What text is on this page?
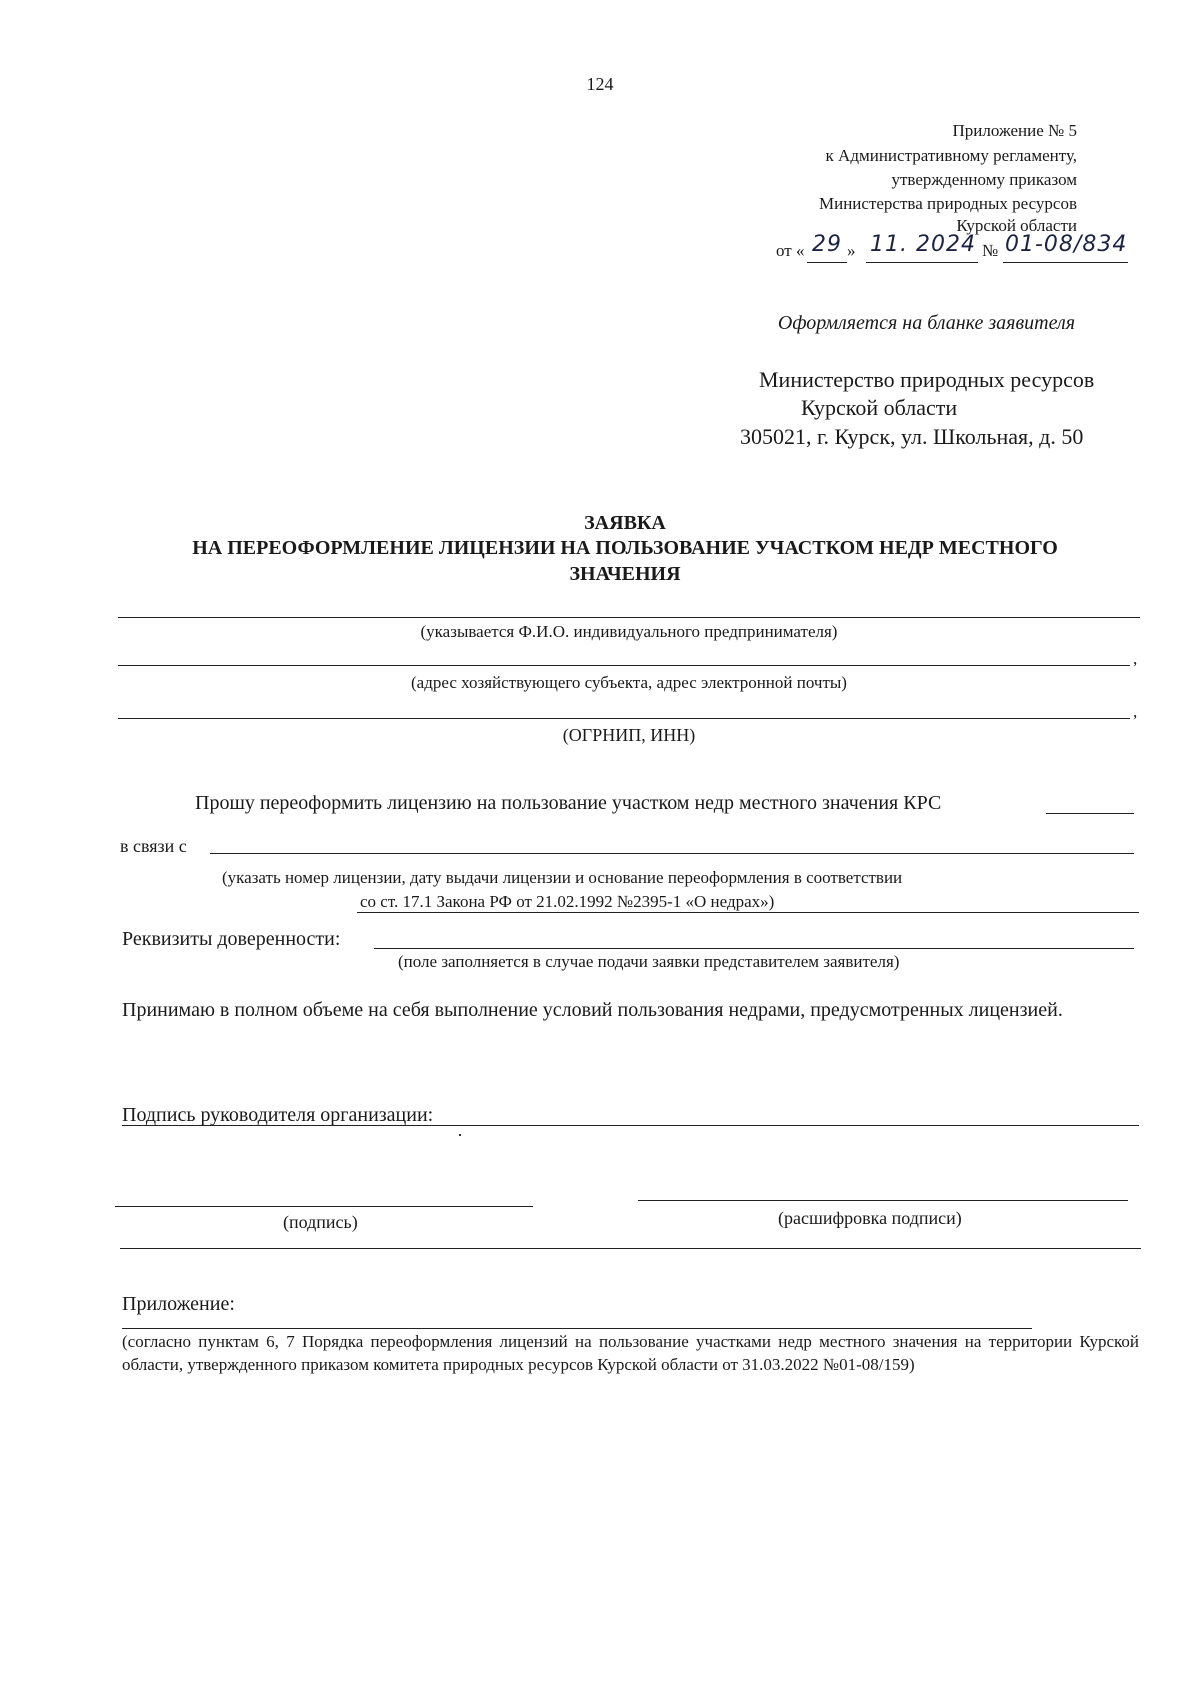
124
Приложение № 5
к Административному регламенту,
утвержденному приказом
Министерства природных ресурсов
Курской области
от « 29 » 11. 2024 № 01-08/834
Оформляется на бланке заявителя
Министерство природных ресурсов
Курской области
305021, г. Курск, ул. Школьная, д. 50
ЗАЯВКА
НА ПЕРЕОФОРМЛЕНИЕ ЛИЦЕНЗИИ НА ПОЛЬЗОВАНИЕ УЧАСТКОМ НЕДР МЕСТНОГО
ЗНАЧЕНИЯ
(указывается Ф.И.О. индивидуального предпринимателя)
,
(адрес хозяйствующего субъекта, адрес электронной почты)
,
(ОГРНИП, ИНН)
Прошу переоформить лицензию на пользование участком недр местного значения КРС
в связи с
(указать номер лицензии, дату выдачи лицензии и основание переоформления в соответствии
со ст. 17.1 Закона РФ от 21.02.1992 №2395-1 «О недрах»)
Реквизиты доверенности:
(поле заполняется в случае подачи заявки представителем заявителя)
Принимаю в полном объеме на себя выполнение условий пользования недрами, предусмотренных лицензией.
Подпись руководителя организации:
(подпись)	(расшифровка подписи)
Приложение:
(согласно пунктам 6, 7 Порядка переоформления лицензий на пользование участками недр местного значения на территории Курской области, утвержденного приказом комитета природных ресурсов Курской области от 31.03.2022 №01-08/159)
